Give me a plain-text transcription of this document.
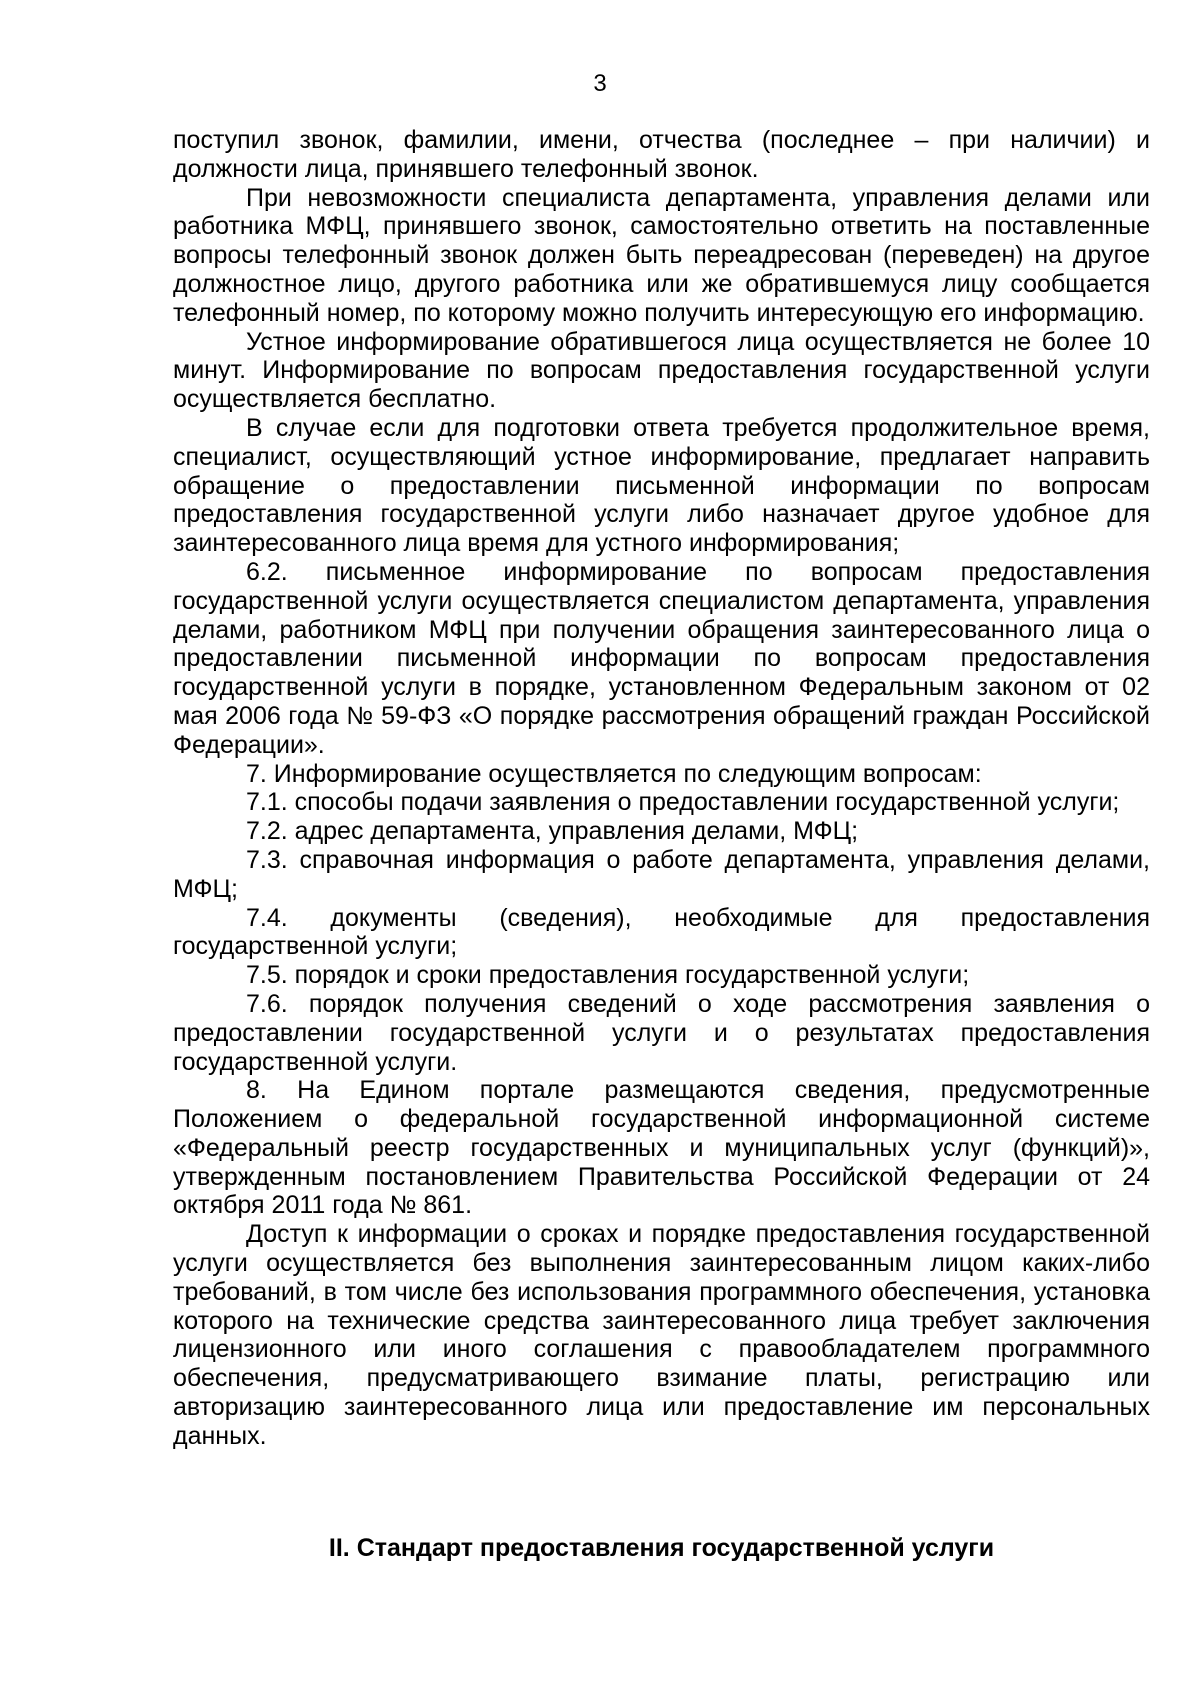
3

поступил звонок, фамилии, имени, отчества (последнее – при наличии) и должности лица, принявшего телефонный звонок.

При невозможности специалиста департамента, управления делами или работника МФЦ, принявшего звонок, самостоятельно ответить на поставленные вопросы телефонный звонок должен быть переадресован (переведен) на другое должностное лицо, другого работника или же обратившемуся лицу сообщается телефонный номер, по которому можно получить интересующую его информацию.

Устное информирование обратившегося лица осуществляется не более 10 минут. Информирование по вопросам предоставления государственной услуги осуществляется бесплатно.

В случае если для подготовки ответа требуется продолжительное время, специалист, осуществляющий устное информирование, предлагает направить обращение о предоставлении письменной информации по вопросам предоставления государственной услуги либо назначает другое удобное для заинтересованного лица время для устного информирования;

6.2. письменное информирование по вопросам предоставления государственной услуги осуществляется специалистом департамента, управления делами, работником МФЦ при получении обращения заинтересованного лица о предоставлении письменной информации по вопросам предоставления государственной услуги в порядке, установленном Федеральным законом от 02 мая 2006 года № 59-ФЗ «О порядке рассмотрения обращений граждан Российской Федерации».

7. Информирование осуществляется по следующим вопросам:

7.1. способы подачи заявления о предоставлении государственной услуги;

7.2. адрес департамента, управления делами, МФЦ;

7.3. справочная информация о работе департамента, управления делами, МФЦ;

7.4. документы (сведения), необходимые для предоставления государственной услуги;

7.5. порядок и сроки предоставления государственной услуги;

7.6. порядок получения сведений о ходе рассмотрения заявления о предоставлении государственной услуги и о результатах предоставления государственной услуги.

8. На Едином портале размещаются сведения, предусмотренные Положением о федеральной государственной информационной системе «Федеральный реестр государственных и муниципальных услуг (функций)», утвержденным постановлением Правительства Российской Федерации от 24 октября 2011 года № 861.

Доступ к информации о сроках и порядке предоставления государственной услуги осуществляется без выполнения заинтересованным лицом каких-либо требований, в том числе без использования программного обеспечения, установка которого на технические средства заинтересованного лица требует заключения лицензионного или иного соглашения с правообладателем программного обеспечения, предусматривающего взимание платы, регистрацию или авторизацию заинтересованного лица или предоставление им персональных данных.

II. Стандарт предоставления государственной услуги
